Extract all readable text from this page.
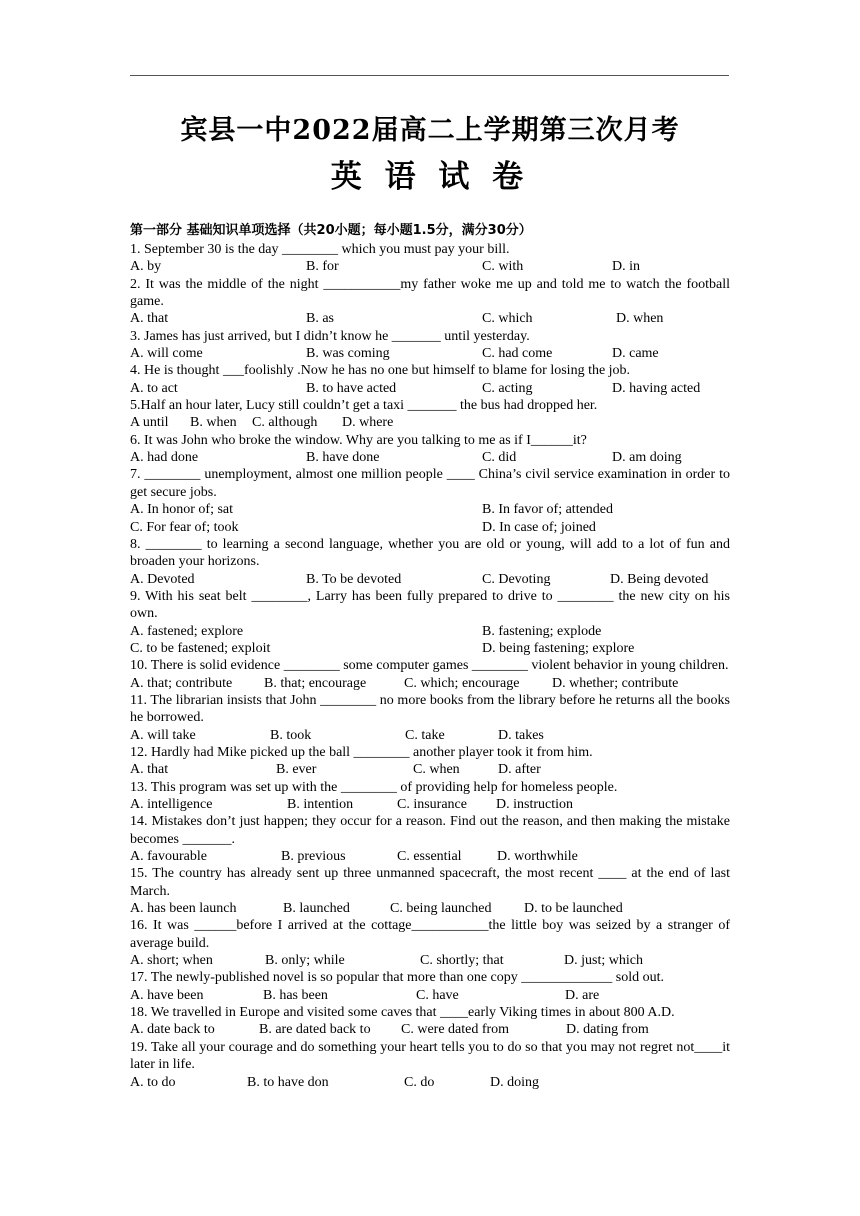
宾县一中2022届高二上学期第三次月考
英 语 试 卷
第一部分 基础知识单项选择（共20小题；每小题1.5分，满分30分）
1. September 30 is the day ________ which you must pay your bill.
A. by	B. for	C. with	D. in
2. It was the middle of the night ___________my father woke me up and told me to watch the football game.
A. that	B. as	C. which	D. when
3. James has just arrived, but I didn’t know he _______ until yesterday.
A. will come	B. was coming	C. had come	D. came
4. He is thought ___foolishly .Now he has no one but himself to blame for losing the job.
A. to act	B. to have acted	C. acting	D. having acted
5.Half an hour later, Lucy still couldn’t get a taxi _______ the bus had dropped her.
A until B. when C. although D. where
6. It was John who broke the window. Why are you talking to me as if I______it?
A. had done	B. have done	C. did	D. am doing
7. ________ unemployment, almost one million people ____ China’s civil service examination in order to get secure jobs.
A. In honor of; sat	B. In favor of; attended
C. For fear of; took	D. In case of; joined
8. ________ to learning a second language, whether you are old or young, will add to a lot of fun and broaden your horizons.
A. Devoted	B. To be devoted	C. Devoting	D. Being devoted
9. With his seat belt ________, Larry has been fully prepared to drive to ________ the new city on his own.
A. fastened; explore	B. fastening; explode
C. to be fastened; exploit	D. being fastening; explore
10. There is solid evidence ________ some computer games ________ violent behavior in young children.
A. that; contribute B. that; encourage	C. which; encourage D. whether; contribute
11. The librarian insists that John ________ no more books from the library before he returns all the books he borrowed.
A. will take	B. took	C. take	D. takes
12. Hardly had Mike picked up the ball ________ another player took it from him.
A. that	B. ever	C. when	D. after
13. This program was set up with the ________ of providing help for homeless people.
A. intelligence	B. intention	C. insurance D. instruction
14. Mistakes don’t just happen; they occur for a reason. Find out the reason, and then making the mistake becomes _______.
A. favourable	B. previous	C. essential	D. worthwhile
15. The country has already sent up three unmanned spacecraft, the most recent ____ at the end of last March.
A. has been launch	B. launched	C. being launched D. to be launched
16. It was ______before I arrived at the cottage___________the little boy was seized by a stranger of average build.
A. short; when	B. only; while	C. shortly; that	D. just; which
17. The newly-published novel is so popular that more than one copy _____________ sold out.
A. have been	B. has been	C. have	D. are
18. We travelled in Europe and visited some caves that ____early Viking times in about 800 A.D.
A. date back to	B. are dated back to C. were dated from	D. dating from
19. Take all your courage and do something your heart tells you to do so that you may not regret not____it later in life.
A. to do	B. to have don	C. do	D. doing
